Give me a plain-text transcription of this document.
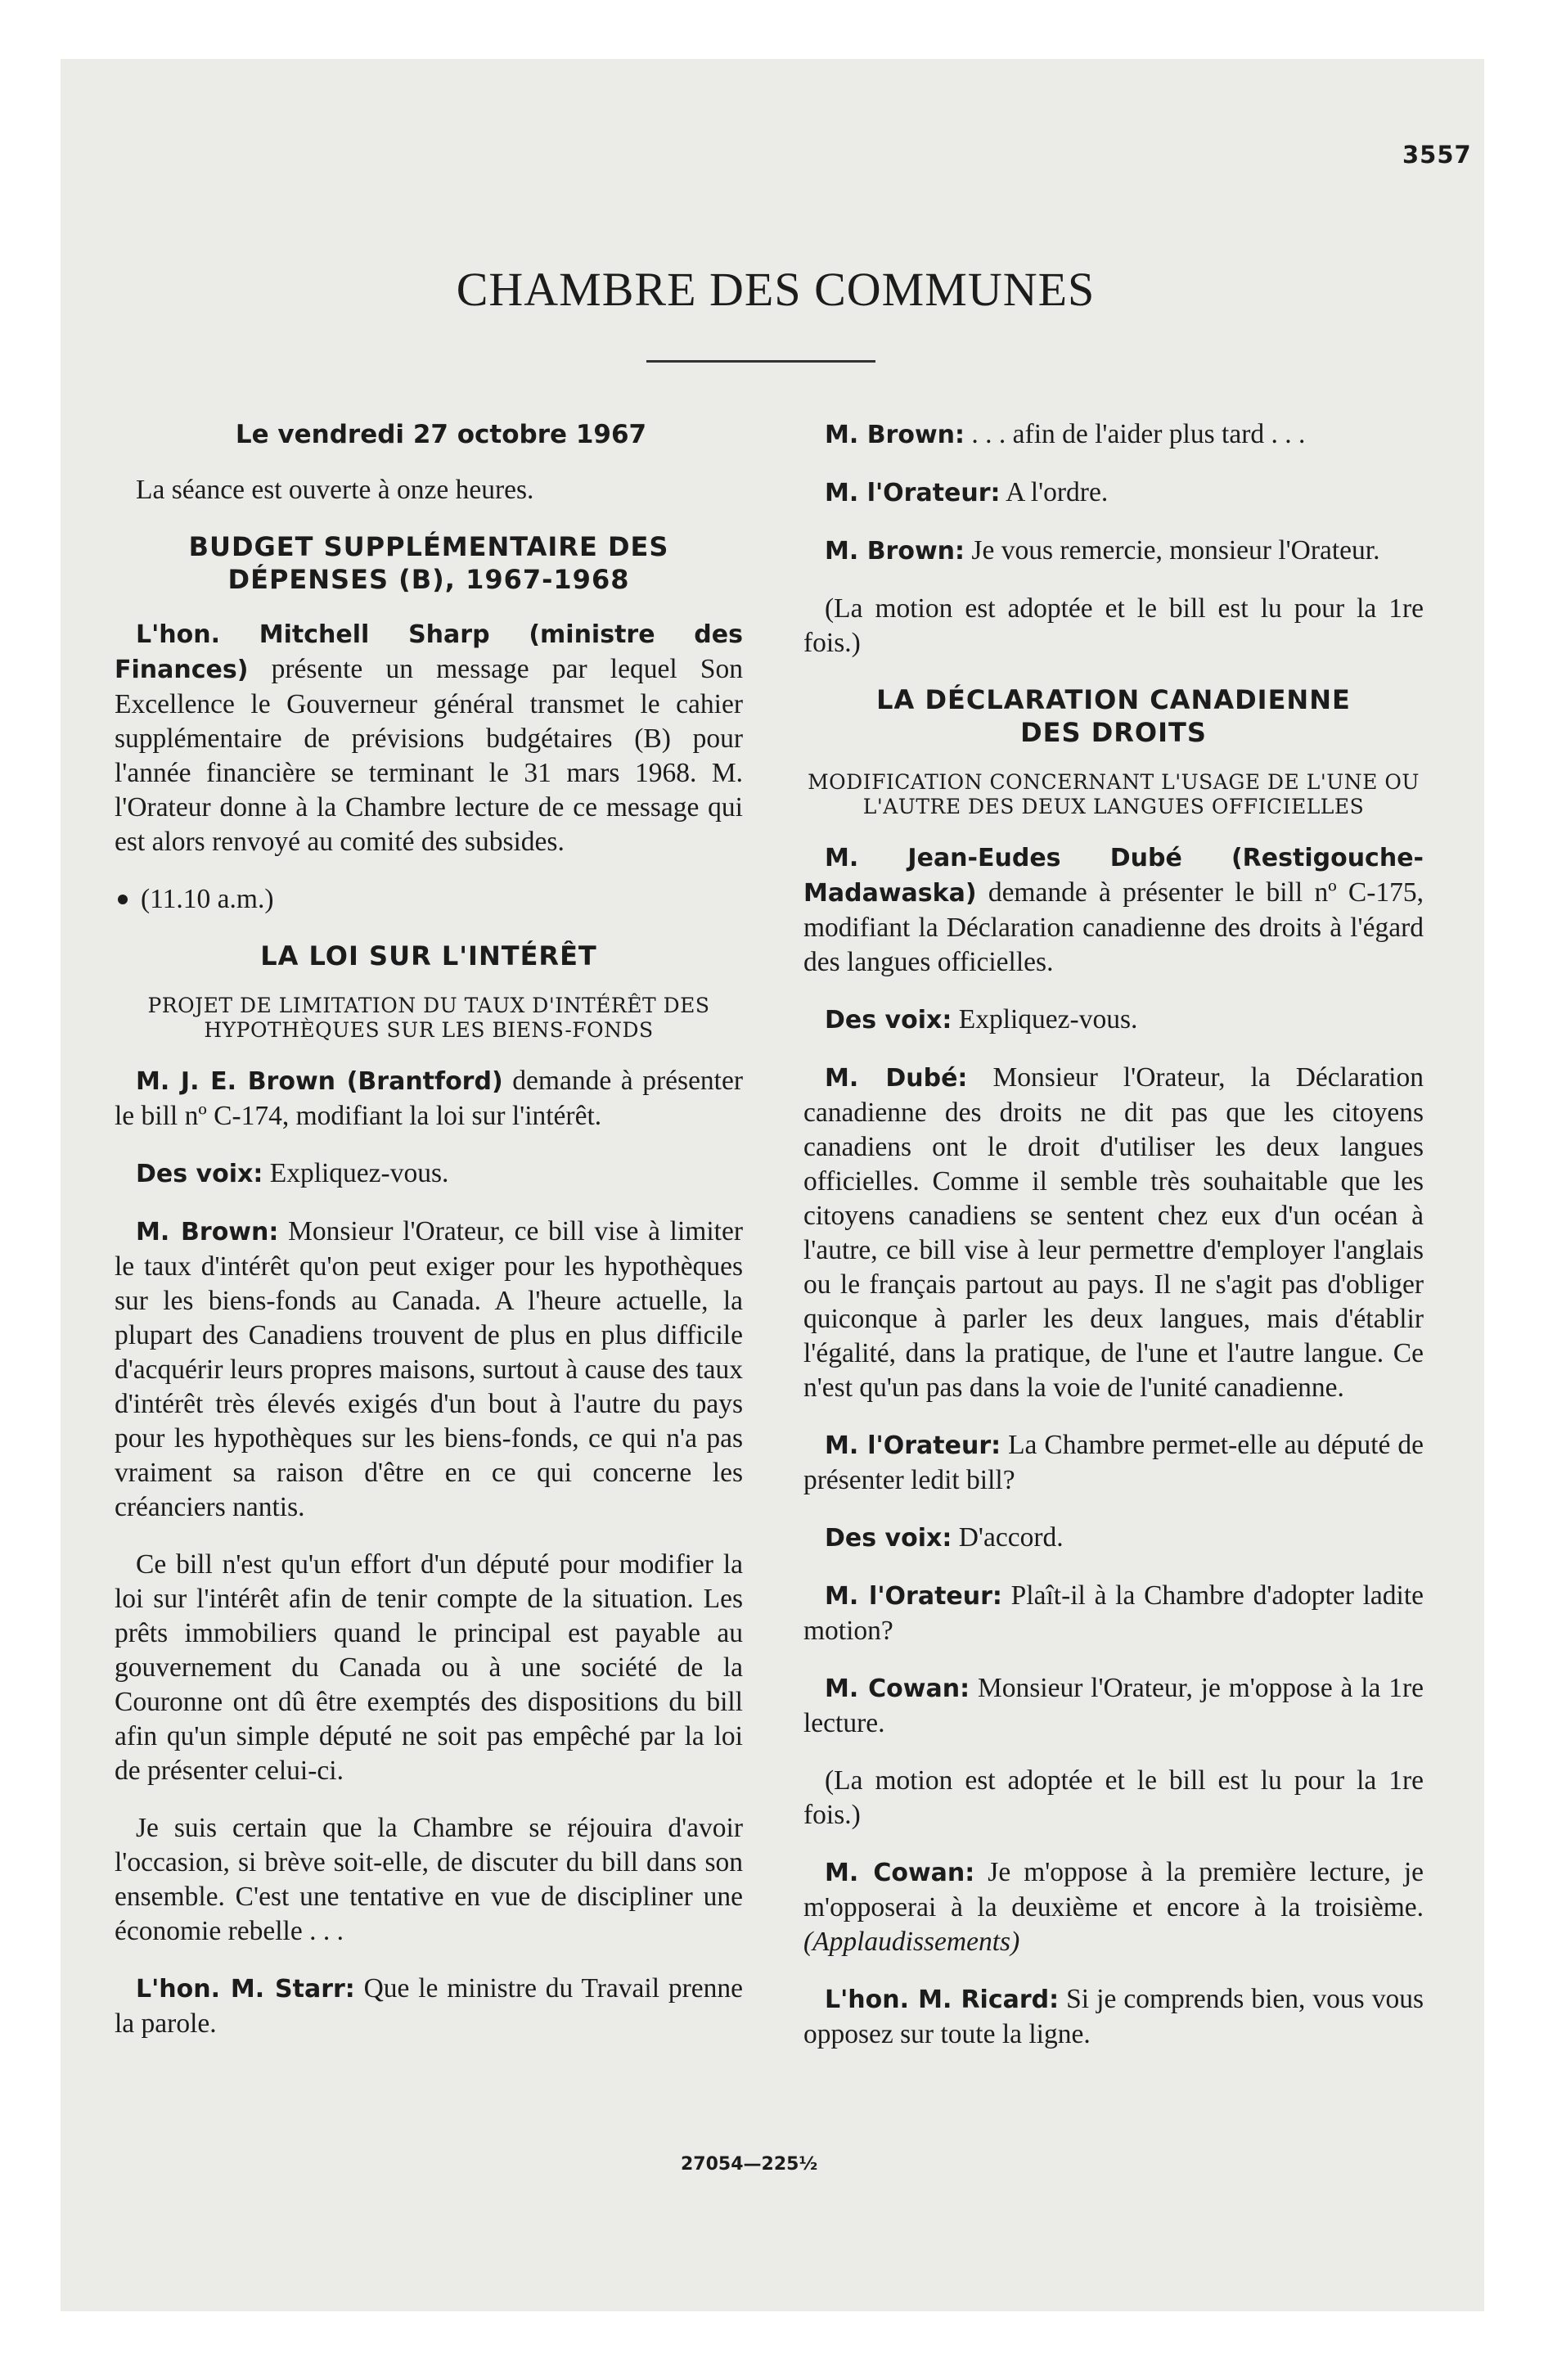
3557
CHAMBRE DES COMMUNES
Le vendredi 27 octobre 1967

La séance est ouverte à onze heures.

BUDGET SUPPLÉMENTAIRE DES
DÉPENSES (B), 1967-1968

L'hon. Mitchell Sharp (ministre des Finances) présente un message par lequel Son Excellence le Gouverneur général transmet le cahier supplémentaire de prévisions budgétaires (B) pour l'année financière se terminant le 31 mars 1968. M. l'Orateur donne à la Chambre lecture de ce message qui est alors renvoyé au comité des subsides.

(11.10 a.m.)

LA LOI SUR L'INTÉRÊT
PROJET DE LIMITATION DU TAUX D'INTÉRÊT DES HYPOTHÈQUES SUR LES BIENS-FONDS

M. J. E. Brown (Brantford) demande à présenter le bill nº C-174, modifiant la loi sur l'intérêt.

Des voix: Expliquez-vous.

M. Brown: Monsieur l'Orateur, ce bill vise à limiter le taux d'intérêt qu'on peut exiger pour les hypothèques sur les biens-fonds au Canada. A l'heure actuelle, la plupart des Canadiens trouvent de plus en plus difficile d'acquérir leurs propres maisons, surtout à cause des taux d'intérêt très élevés exigés d'un bout à l'autre du pays pour les hypothèques sur les biens-fonds, ce qui n'a pas vraiment sa raison d'être en ce qui concerne les créanciers nantis.

Ce bill n'est qu'un effort d'un député pour modifier la loi sur l'intérêt afin de tenir compte de la situation. Les prêts immobiliers quand le principal est payable au gouvernement du Canada ou à une société de la Couronne ont dû être exemptés des dispositions du bill afin qu'un simple député ne soit pas empêché par la loi de présenter celui-ci.

Je suis certain que la Chambre se réjouira d'avoir l'occasion, si brève soit-elle, de discuter du bill dans son ensemble. C'est une tentative en vue de discipliner une économie rebelle . . .

L'hon. M. Starr: Que le ministre du Travail prenne la parole.

M. Brown: . . . afin de l'aider plus tard . . .

M. l'Orateur: A l'ordre.

M. Brown: Je vous remercie, monsieur l'Orateur.

(La motion est adoptée et le bill est lu pour la 1re fois.)

LA DÉCLARATION CANADIENNE
DES DROITS
MODIFICATION CONCERNANT L'USAGE DE L'UNE OU L'AUTRE DES DEUX LANGUES OFFICIELLES

M. Jean-Eudes Dubé (Restigouche-Madawaska) demande à présenter le bill nº C-175, modifiant la Déclaration canadienne des droits à l'égard des langues officielles.

Des voix: Expliquez-vous.

M. Dubé: Monsieur l'Orateur, la Déclaration canadienne des droits ne dit pas que les citoyens canadiens ont le droit d'utiliser les deux langues officielles. Comme il semble très souhaitable que les citoyens canadiens se sentent chez eux d'un océan à l'autre, ce bill vise à leur permettre d'employer l'anglais ou le français partout au pays. Il ne s'agit pas d'obliger quiconque à parler les deux langues, mais d'établir l'égalité, dans la pratique, de l'une et l'autre langue. Ce n'est qu'un pas dans la voie de l'unité canadienne.

M. l'Orateur: La Chambre permet-elle au député de présenter ledit bill?

Des voix: D'accord.

M. l'Orateur: Plaît-il à la Chambre d'adopter ladite motion?

M. Cowan: Monsieur l'Orateur, je m'oppose à la 1re lecture.

(La motion est adoptée et le bill est lu pour la 1re fois.)

M. Cowan: Je m'oppose à la première lecture, je m'opposerai à la deuxième et encore à la troisième. (Applaudissements)

L'hon. M. Ricard: Si je comprends bien, vous vous opposez sur toute la ligne.

27054—225½
